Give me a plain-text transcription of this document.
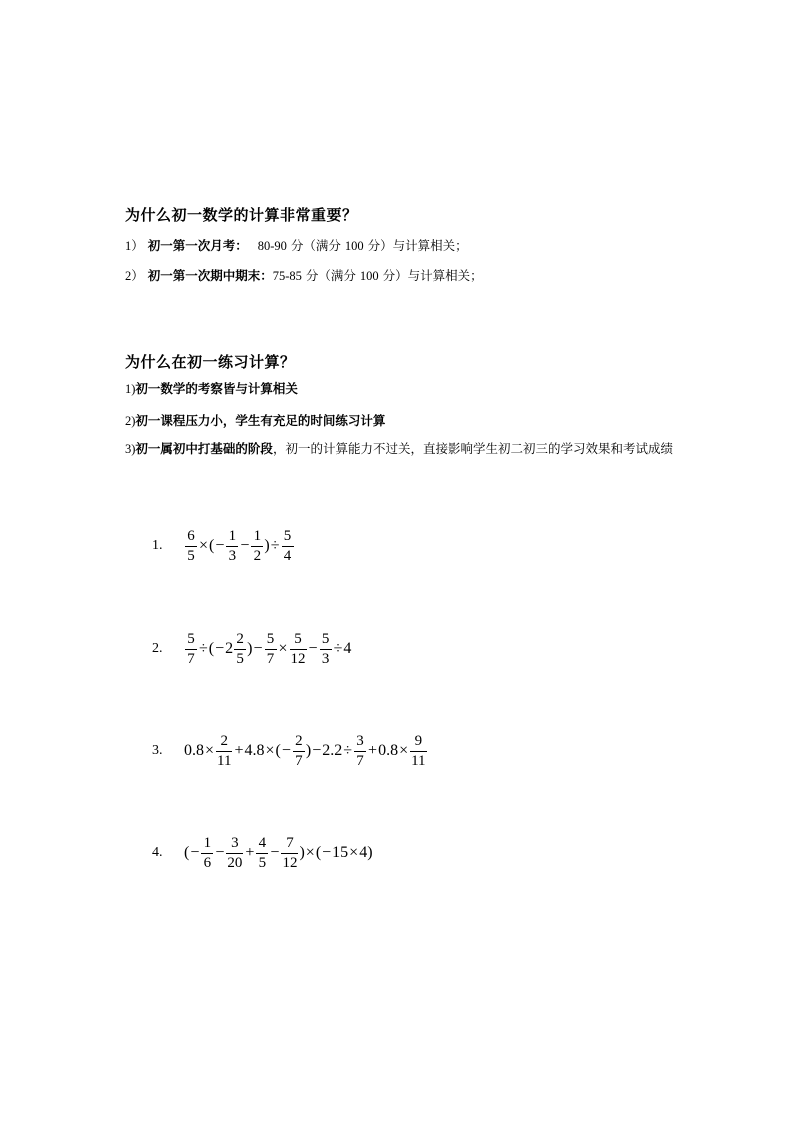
为什么初一数学的计算非常重要？
1） 初一第一次月考： 80-90 分（满分 100 分）与计算相关；
2） 初一第一次期中期末：75-85 分（满分 100 分）与计算相关；
为什么在初一练习计算？
1)初一数学的考察皆与计算相关
2)初一课程压力小，学生有充足的时间练习计算
3)初一属初中打基础的阶段，初一的计算能力不过关，直接影响学生初二初三的学习效果和考试成绩
1.	$\frac{6}{5}$ × ( − $\frac{1}{3} - \frac{1}{2}$ ) ÷ $\frac{5}{4}$
2.	$\frac{5}{7}$ ÷ ( − $2 \frac{2}{5}$ ) − $\frac{5}{7} \times \frac{5}{12} - \frac{5}{3} \div 4$
3.	$0.8 \times \frac{2}{11} + 4.8$ × ( − $\frac{2}{7}$ ) − $2.2 \div \frac{3}{7} + 0.8 \times \frac{9}{11}$
4.	( − $\frac{1}{6} - \frac{3}{20} + \frac{4}{5} - \frac{7}{12}$ ) × ( − 15 × 4 )
